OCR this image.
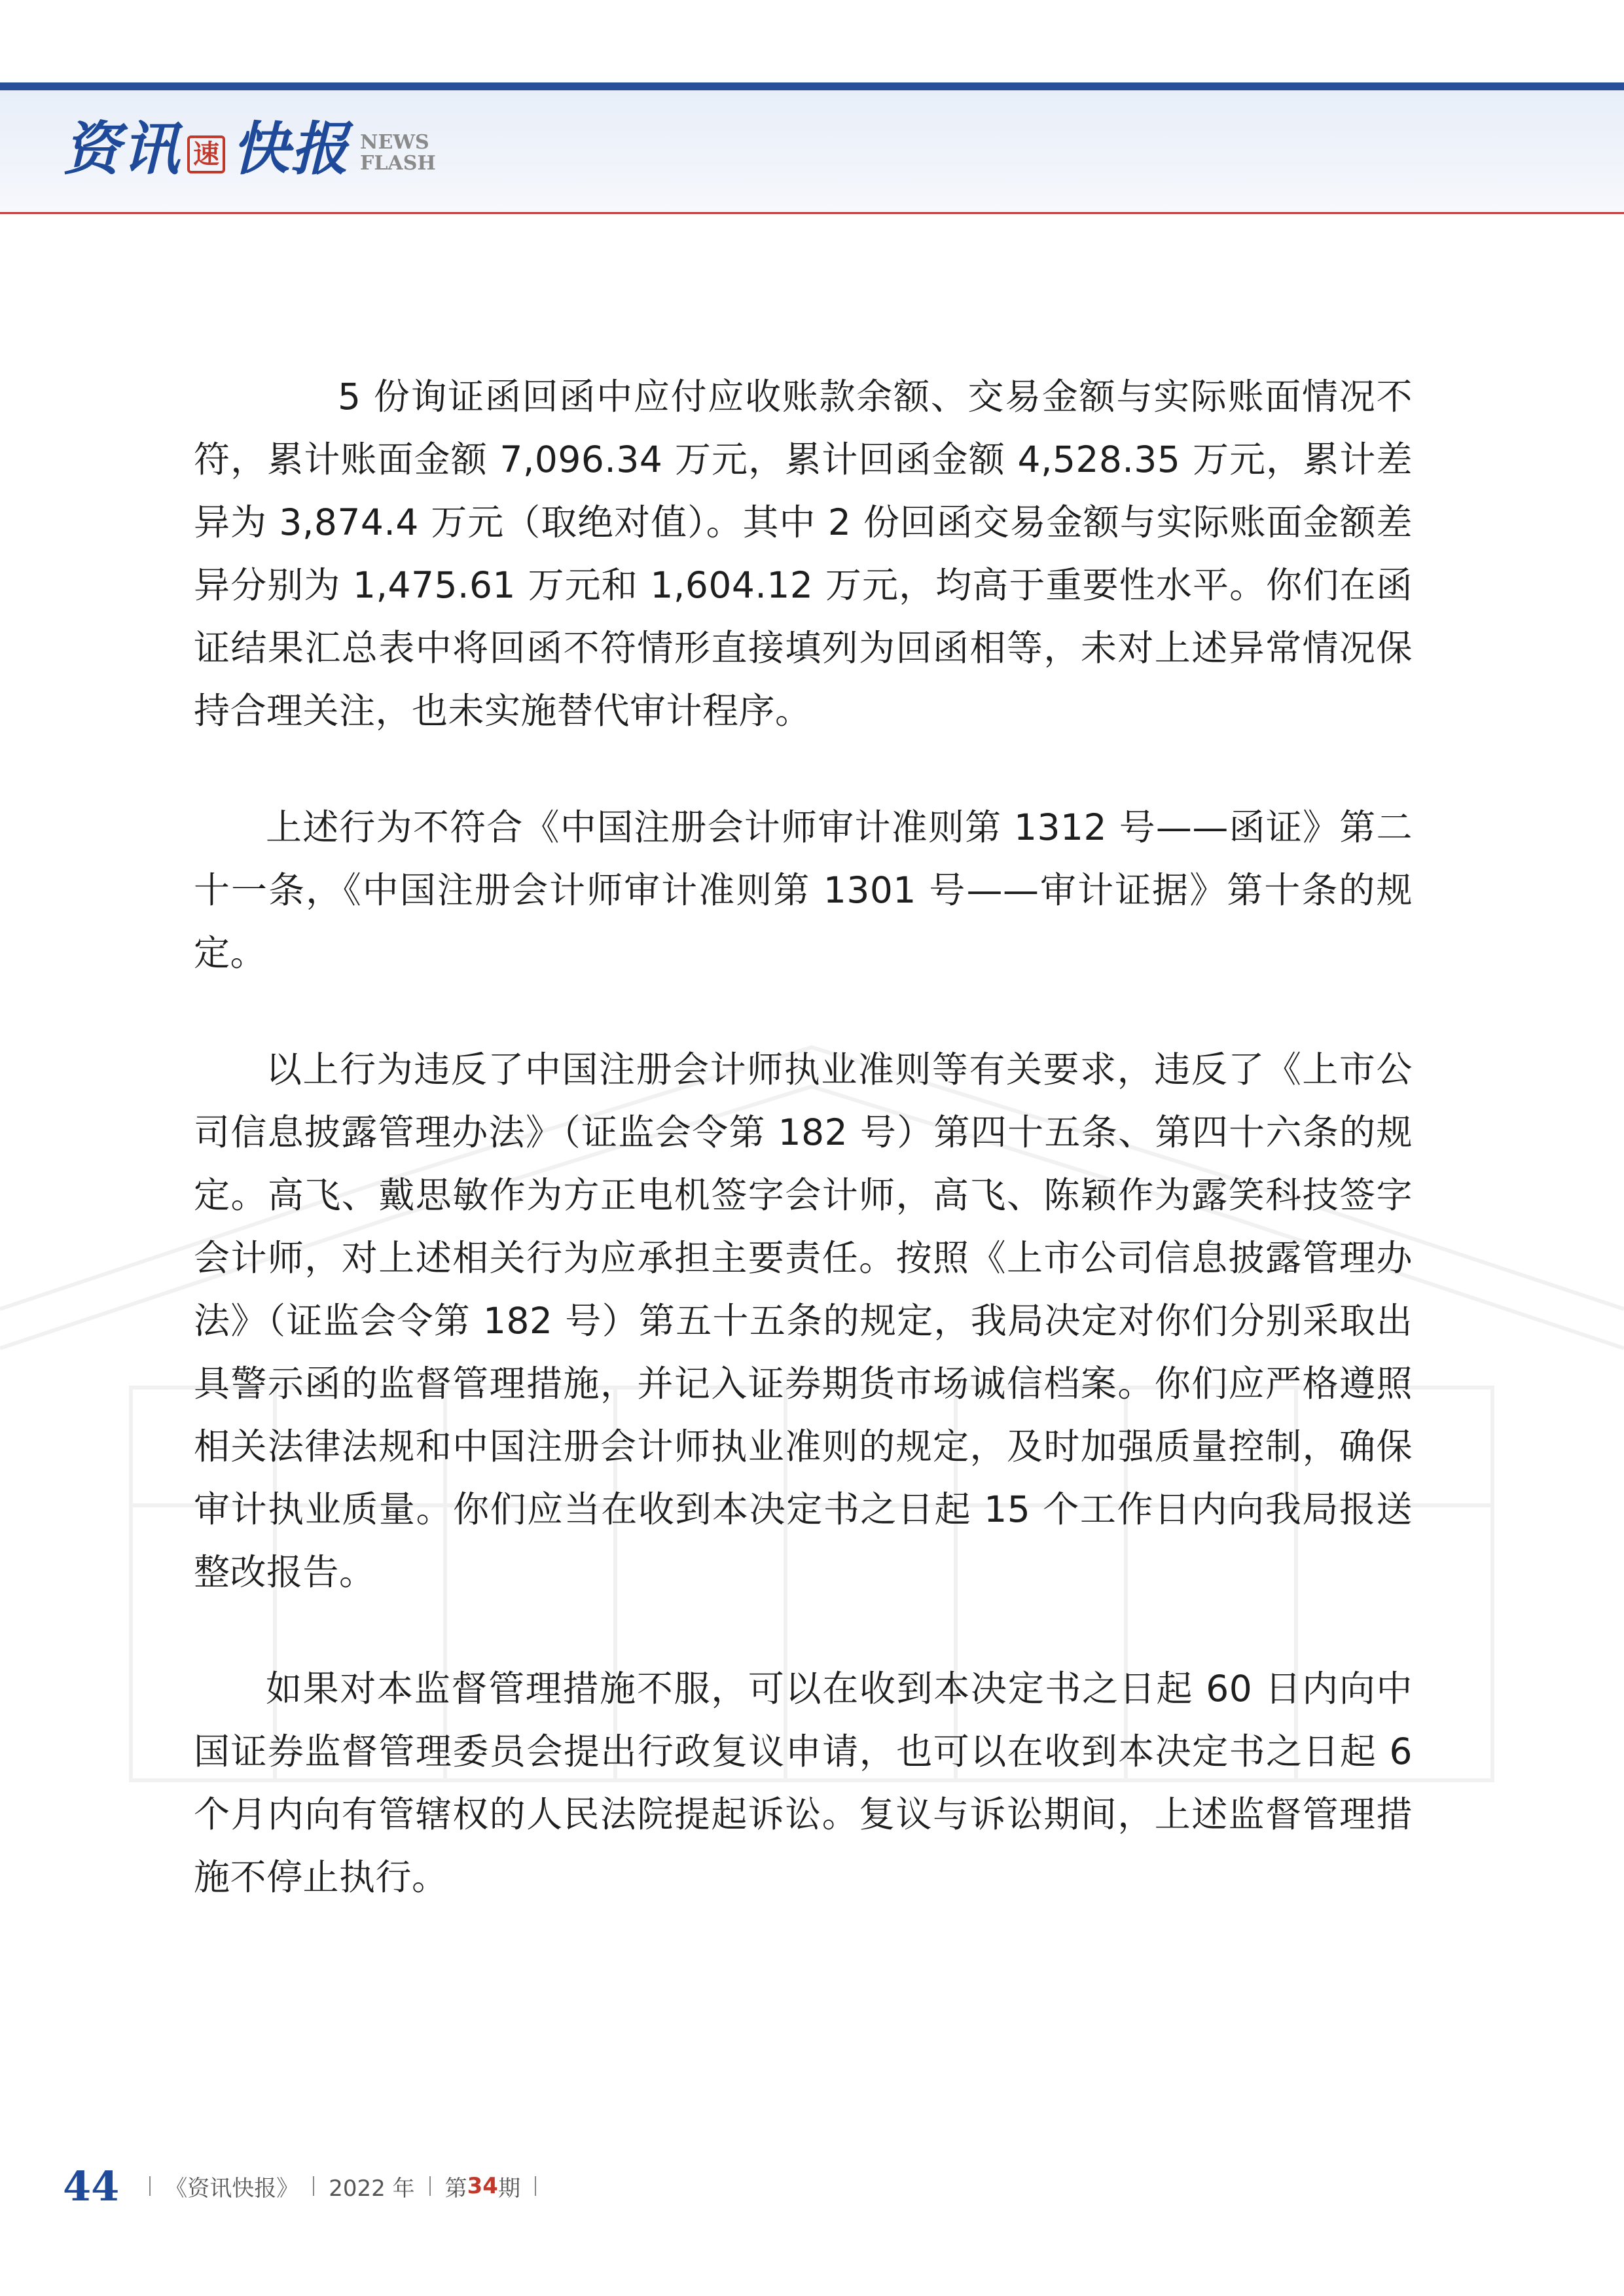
资讯 速 快报 NEWS
FLASH

5 份询证函回函中应付应收账款余额、交易金额与实际账面情况不符，累计账面金额 7,096.34 万元，累计回函金额 4,528.35 万元，累计差异为 3,874.4 万元（取绝对值）。其中 2 份回函交易金额与实际账面金额差异分别为 1,475.61 万元和 1,604.12 万元，均高于重要性水平。你们在函证结果汇总表中将回函不符情形直接填列为回函相等，未对上述异常情况保持合理关注，也未实施替代审计程序。

上述行为不符合《中国注册会计师审计准则第 1312 号——函证》第二十一条，《中国注册会计师审计准则第 1301 号——审计证据》第十条的规定。

以上行为违反了中国注册会计师执业准则等有关要求，违反了《上市公司信息披露管理办法》（证监会令第 182 号）第四十五条、第四十六条的规定。高飞、戴思敏作为方正电机签字会计师，高飞、陈颖作为露笑科技签字会计师，对上述相关行为应承担主要责任。按照《上市公司信息披露管理办法》（证监会令第 182 号）第五十五条的规定，我局决定对你们分别采取出具警示函的监督管理措施，并记入证券期货市场诚信档案。你们应严格遵照相关法律法规和中国注册会计师执业准则的规定，及时加强质量控制，确保审计执业质量。你们应当在收到本决定书之日起 15 个工作日内向我局报送整改报告。

如果对本监督管理措施不服，可以在收到本决定书之日起 60 日内向中国证券监督管理委员会提出行政复议申请，也可以在收到本决定书之日起 6 个月内向有管辖权的人民法院提起诉讼。复议与诉讼期间，上述监督管理措施不停止执行。

44 《资讯快报》 2022 年 第 34 期
